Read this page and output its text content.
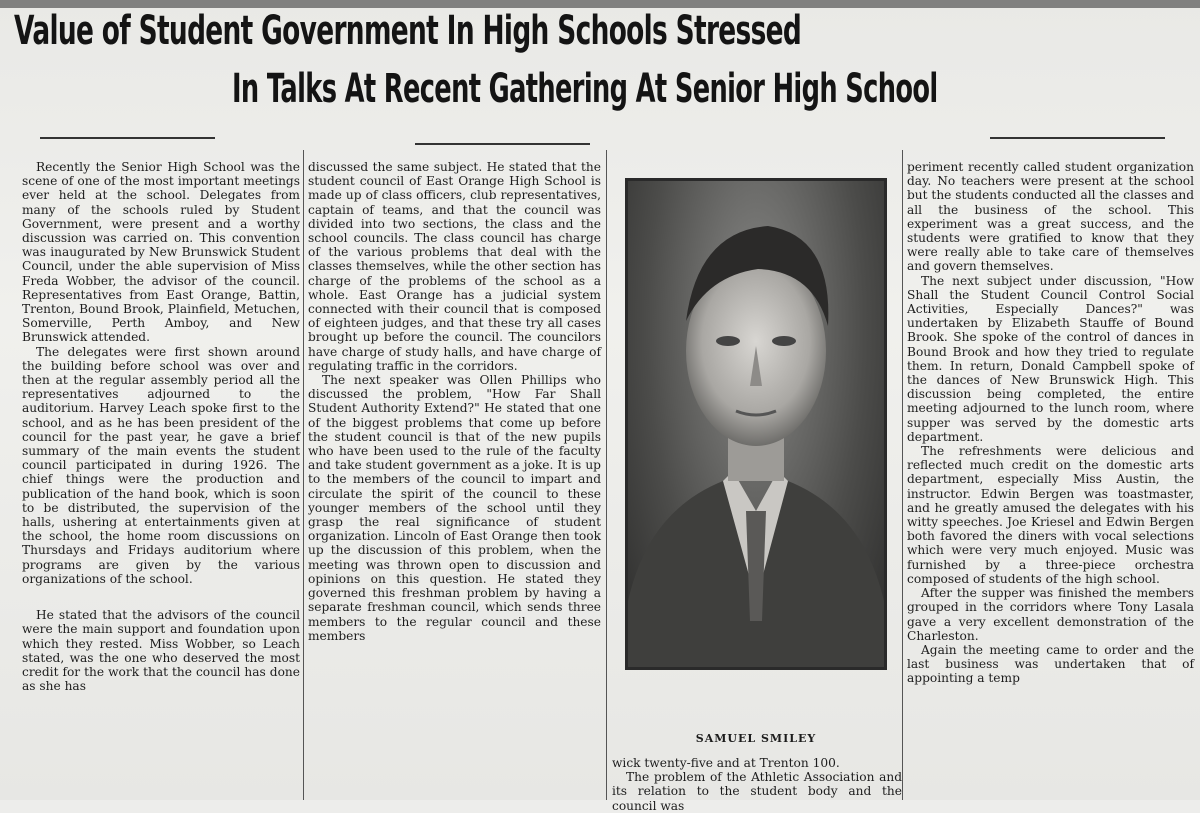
Value of Student Government In High Schools Stressed
In Talks At Recent Gathering At Senior High School

Recently the Senior High School was the scene of one of the most important meetings ever held at the school. Delegates from many of the schools ruled by Student Government, were present and a worthy discussion was carried on. This convention was inaugurated by New Brunswick Student Council, under the able supervision of Miss Freda Wobber, the advisor of the council. Representatives from East Orange, Battin, Trenton, Bound Brook, Plainfield, Metuchen, Somerville, Perth Amboy, and New Brunswick attended.

The delegates were first shown around the building before school was over and then at the regular assembly period all the representatives adjourned to the auditorium. Harvey Leach spoke first to the school, and as he has been president of the council for the past year, he gave a brief summary of the main events the student council participated in during 1926. The chief things were the production and publication of the hand book, which is soon to be distributed, the supervision of the halls, ushering at entertainments given at the school, the home room discussions on Thursdays and Fridays auditorium where programs are given by the various organizations of the school.

He stated that the advisors of the council were the main support and foundation upon which they rested. Miss Wobber, so Leach stated, was the one who deserved the most credit for the work that the council has done as she has

discussed the same subject. He stated that the student council of East Orange High School is made up of class officers, club representatives, captain of teams, and that the council was divided into two sections, the class and the school councils. The class council has charge of the various problems that deal with the classes themselves, while the other section has charge of the problems of the school as a whole. East Orange has a judicial system connected with their council that is composed of eighteen judges, and that these try all cases brought up before the council. The councilors have charge of study halls, and have charge of regulating traffic in the corridors.

The next speaker was Ollen Phillips who discussed the problem, "How Far Shall Student Authority Extend?" He stated that one of the biggest problems that come up before the student council is that of the new pupils who have been used to the rule of the faculty and take student government as a joke. It is up to the members of the council to impart and circulate the spirit of the council to these younger members of the school until they grasp the real significance of student organization. Lincoln of East Orange then took up the discussion of this problem, when the meeting was thrown open to discussion and opinions on this question. He stated they governed this freshman problem by having a separate freshman council, which sends three members to the regular council and these members

SAMUEL SMILEY

wick twenty-five and at Trenton 100.

The problem of the Athletic Association and its relation to the student body and the council was

periment recently called student organization day. No teachers were present at the school but the students conducted all the classes and all the business of the school. This experiment was a great success, and the students were gratified to know that they were really able to take care of themselves and govern themselves.

The next subject under discussion, "How Shall the Student Council Control Social Activities, Especially Dances?" was undertaken by Elizabeth Stauffe of Bound Brook. She spoke of the control of dances in Bound Brook and how they tried to regulate them. In return, Donald Campbell spoke of the dances of New Brunswick High. This discussion being completed, the entire meeting adjourned to the lunch room, where supper was served by the domestic arts department.

The refreshments were delicious and reflected much credit on the domestic arts department, especially Miss Austin, the instructor. Edwin Bergen was toastmaster, and he greatly amused the delegates with his witty speeches. Joe Kriesel and Edwin Bergen both favored the diners with vocal selections which were very much enjoyed. Music was furnished by a three-piece orchestra composed of students of the high school.

After the supper was finished the members grouped in the corridors where Tony Lasala gave a very excellent demonstration of the Charleston.

Again the meeting came to order and the last business was undertaken that of appointing a temp
